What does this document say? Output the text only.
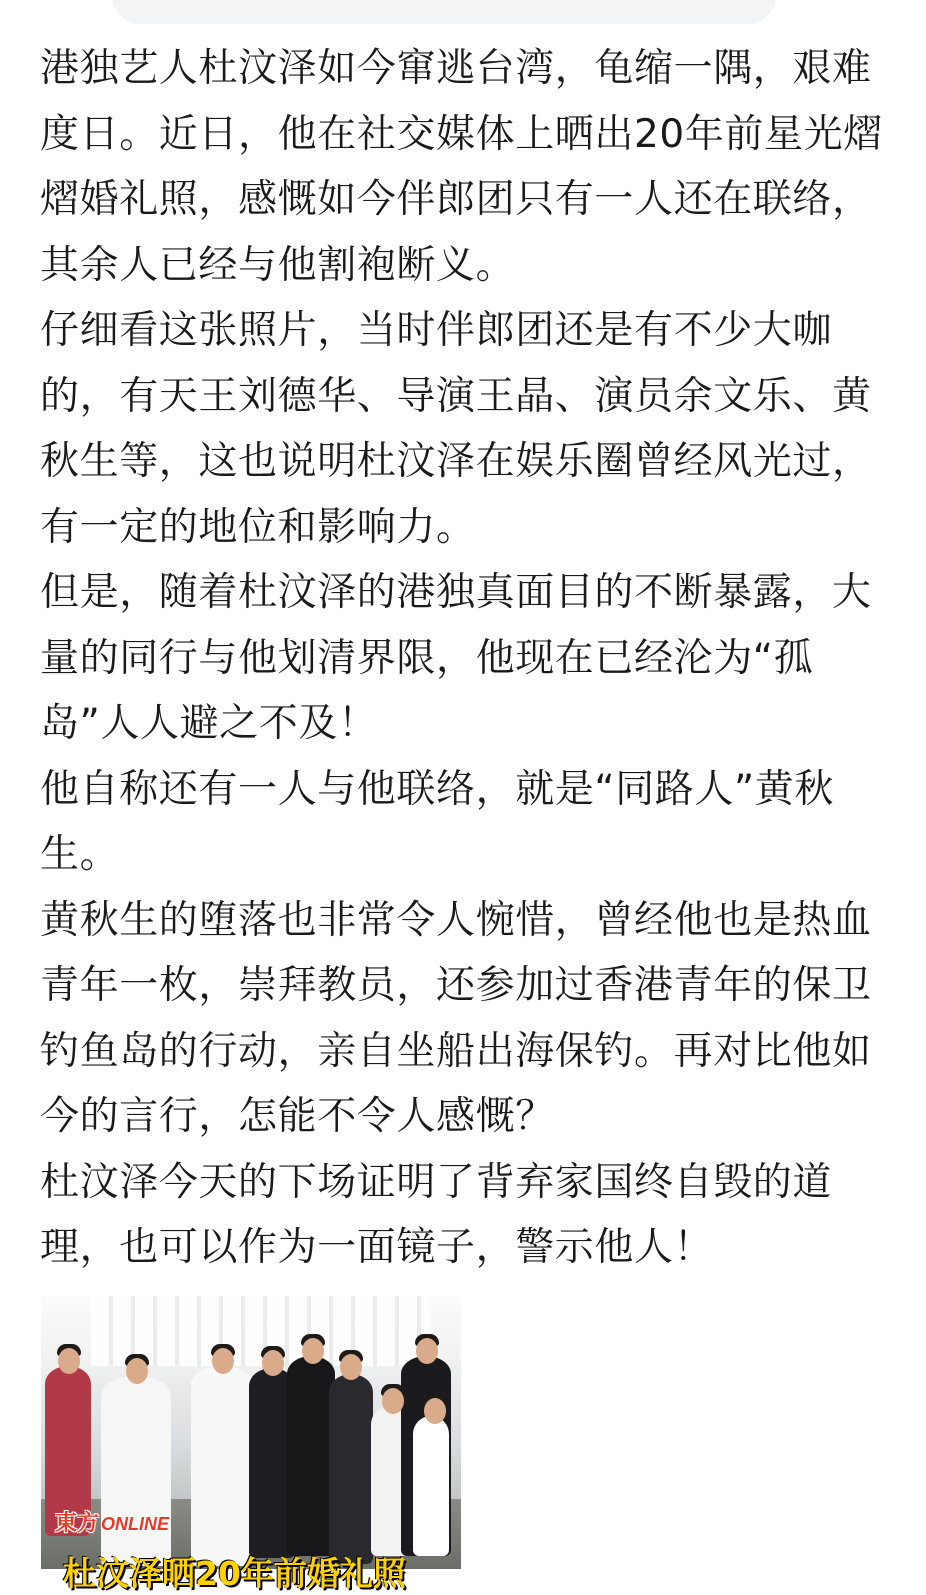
港独艺人杜汶泽如今窜逃台湾，龟缩一隅，艰难度日。近日，他在社交媒体上晒出20年前星光熠熠婚礼照，感慨如今伴郎团只有一人还在联络，其余人已经与他割袍断义。

仔细看这张照片，当时伴郎团还是有不少大咖的，有天王刘德华、导演王晶、演员余文乐、黄秋生等，这也说明杜汶泽在娱乐圈曾经风光过，有一定的地位和影响力。

但是，随着杜汶泽的港独真面目的不断暴露，大量的同行与他划清界限，他现在已经沦为“孤岛”人人避之不及！

他自称还有一人与他联络，就是“同路人”黄秋生。

黄秋生的堕落也非常令人惋惜，曾经他也是热血青年一枚，崇拜教员，还参加过香港青年的保卫钓鱼岛的行动，亲自坐船出海保钓。再对比他如今的言行，怎能不令人感慨？

杜汶泽今天的下场证明了背弃家国终自毁的道理，也可以作为一面镜子，警示他人！

東方 ONLINE
杜汶泽晒20年前婚礼照
